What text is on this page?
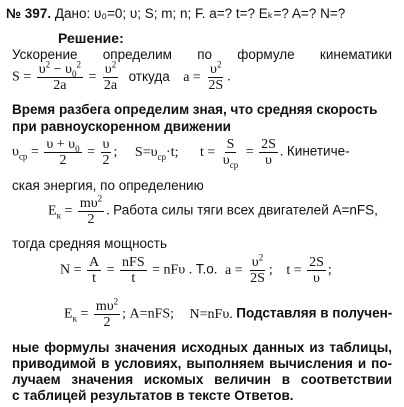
№ 397. Дано: υ₀=0; υ; S; m; n; F. a=? t=? Eₖ=? A=? N=?
Решение:
Ускорение определим по формуле кинематики
$S = \frac{\upsilon^2 - \upsilon_0^2}{2a} = \frac{\upsilon^2}{2a}$ откуда $a = \frac{\upsilon^2}{2S}$ .
Время разбега определим зная, что средняя скорость
при равноускоренном движении
$\upsilon_{ср} = \frac{\upsilon + \upsilon_0}{2} = \frac{\upsilon}{2}$ ; $S=\upsilon_{ср}\cdot t$; $t = \frac{S}{\upsilon_{ср}} = \frac{2S}{\upsilon}$ . Кинетиче-
ская энергия, по определению
$E_к = \frac{m\upsilon^2}{2}$ . Работа силы тяги всех двигателей A=nFS,
тогда средняя мощность
$N = \frac{A}{t} = \frac{\text{nFS}}{t} = nF\upsilon$ . Т.о. $a = \frac{\upsilon^2}{2S}$ ; $t = \frac{2S}{\upsilon}$ ;
$E_к = \frac{m\upsilon^2}{2}$ ; A=nFS; N=nFυ. Подставляя в получен-
ные формулы значения исходных данных из таблицы,
приводимой в условиях, выполняем вычисления и по-
лучаем значения искомых величин в соответствии
с таблицей результатов в тексте Ответов.
